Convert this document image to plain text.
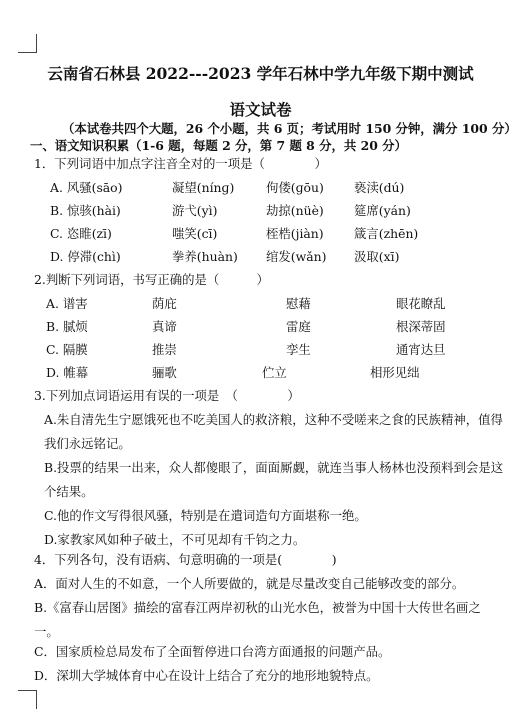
云南省石林县 2022---2023 学年石林中学九年级下期中测试
语文试卷
（本试卷共四个大题，26 个小题，共 6 页；考试用时 150 分钟，满分 100 分）
一、语文知识积累（1-6 题，每题 2 分，第 7 题 8 分，共 20 分）
1．下列词语中加点字注音全对的一项是（　　　　）
A. 风骚(sāo)	凝望(nínɡ)	佝偻(ɡōu) 亵渎(dú)
B. 惊骇(hài)	游弋(yì)	劫掠(nüè) 筵席(yán)
C. 恣睢(zī)	嗤笑(cī)	桎梏(jiàn) 箴言(zhēn)
D. 停滞(chì)	拳养(huàn) 绾发(wǎn) 汲取(xī)
2.判断下列词语，书写正确的是（　　　）
A. 谱害	荫庇	慰藉	眼花瞭乱
B. 腻烦	真谛	雷庭	根深蒂固
C. 隔膜	推崇	孪生	通宵达旦
D. 帷幕	骊歌	伫立	相形见绌
3.下列加点词语运用有误的一项是　（　　　　）
A.朱自清先生宁愿饿死也不吃美国人的救济粮，这种不受嗟来之食的民族精神，值得我们永远铭记。
B.投票的结果一出来，众人都傻眼了，面面厮觑，就连当事人杨林也没预料到会是这个结果。
C.他的作文写得很风骚，特别是在遣词造句方面堪称一绝。
D.家教家风如种子破土，不可见却有千钧之力。
4．下列各句，没有语病、句意明确的一项是(　　　　)
A．面对人生的不如意，一个人所要做的，就是尽量改变自己能够改变的部分。
B.《富春山居图》描绘的富春江两岸初秋的山光水色，被誉为中国十大传世名画之一。
C．国家质检总局发布了全面暂停进口台湾方面通报的问题产品。
D．深圳大学城体育中心在设计上结合了充分的地形地貌特点。
